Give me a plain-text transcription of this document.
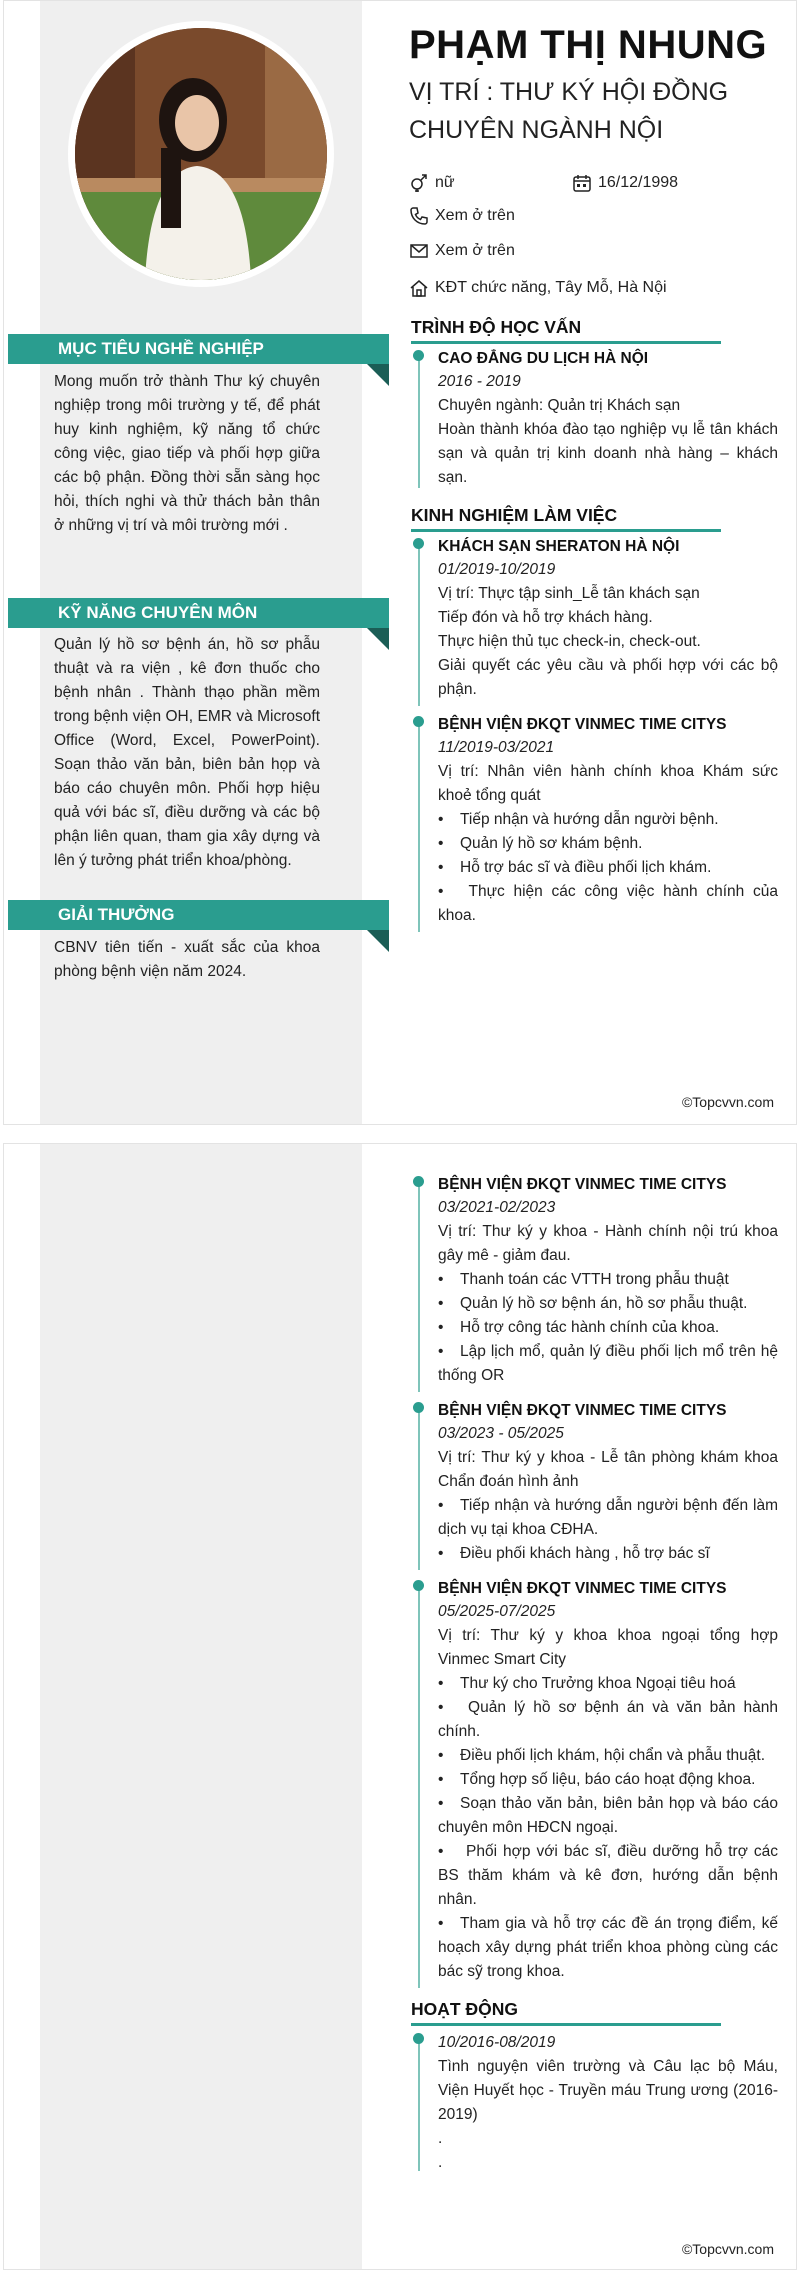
PHẠM THỊ NHUNG
VỊ TRÍ : THƯ KÝ HỘI ĐỒNG CHUYÊN NGÀNH NỘI
nữ	16/12/1998
Xem ở trên
Xem ở trên
KĐT chức năng, Tây Mỗ, Hà Nội
MỤC TIÊU NGHỀ NGHIỆP
Mong muốn trở thành Thư ký chuyên nghiệp trong môi trường y tế, để phát huy kinh nghiệm, kỹ năng tổ chức công việc, giao tiếp và phối hợp giữa các bộ phận. Đồng thời sẵn sàng học hỏi, thích nghi và thử thách bản thân ở những vị trí và môi trường mới .
KỸ NĂNG CHUYÊN MÔN
Quản lý hồ sơ bệnh án, hồ sơ phẫu thuật và ra viện , kê đơn thuốc cho bệnh nhân . Thành thạo phần mềm trong bệnh viện OH, EMR và Microsoft Office (Word, Excel, PowerPoint). Soạn thảo văn bản, biên bản họp và báo cáo chuyên môn. Phối hợp hiệu quả với bác sĩ, điều dưỡng và các bộ phận liên quan, tham gia xây dựng và lên ý tưởng phát triển khoa/phòng.
GIẢI THƯỞNG
CBNV tiên tiến - xuất sắc của khoa phòng bệnh viện năm 2024.
TRÌNH ĐỘ HỌC VẤN
CAO ĐẲNG DU LỊCH HÀ NỘI
2016 - 2019
Chuyên ngành: Quản trị Khách sạn
Hoàn thành khóa đào tạo nghiệp vụ lễ tân khách sạn và quản trị kinh doanh nhà hàng – khách sạn.
KINH NGHIỆM LÀM VIỆC
KHÁCH SẠN SHERATON HÀ NỘI
01/2019-10/2019
Vị trí: Thực tập sinh_Lễ tân khách sạn
Tiếp đón và hỗ trợ khách hàng.
Thực hiện thủ tục check-in, check-out.
Giải quyết các yêu cầu và phối hợp với các bộ phận.
BỆNH VIỆN ĐKQT VINMEC TIME CITYS
11/2019-03/2021
Vị trí: Nhân viên hành chính khoa Khám sức khoẻ tổng quát
• Tiếp nhận và hướng dẫn người bệnh.
• Quản lý hồ sơ khám bệnh.
• Hỗ trợ bác sĩ và điều phối lịch khám.
• Thực hiện các công việc hành chính của khoa.
©Topcvvn.com
BỆNH VIỆN ĐKQT VINMEC TIME CITYS
03/2021-02/2023
Vị trí: Thư ký y khoa - Hành chính nội trú khoa gây mê - giảm đau.
• Thanh toán các VTTH trong phẫu thuật
• Quản lý hồ sơ bệnh án, hồ sơ phẫu thuật.
• Hỗ trợ công tác hành chính của khoa.
• Lập lịch mổ, quản lý điều phối lịch mổ trên hệ thống OR
BỆNH VIỆN ĐKQT VINMEC TIME CITYS
03/2023 - 05/2025
Vị trí: Thư ký y khoa - Lễ tân phòng khám khoa Chẩn đoán hình ảnh
• Tiếp nhận và hướng dẫn người bệnh đến làm dịch vụ tại khoa CĐHA.
• Điều phối khách hàng , hỗ trợ bác sĩ
BỆNH VIỆN ĐKQT VINMEC TIME CITYS
05/2025-07/2025
Vị trí: Thư ký y khoa khoa ngoại tổng hợp Vinmec Smart City
• Thư ký cho Trưởng khoa Ngoại tiêu hoá
• Quản lý hồ sơ bệnh án và văn bản hành chính.
• Điều phối lịch khám, hội chẩn và phẫu thuật.
• Tổng hợp số liệu, báo cáo hoạt động khoa.
• Soạn thảo văn bản, biên bản họp và báo cáo chuyên môn HĐCN ngoại.
• Phối hợp với bác sĩ, điều dưỡng hỗ trợ các BS thăm khám và kê đơn, hướng dẫn bệnh nhân.
• Tham gia và hỗ trợ các đề án trọng điểm, kế hoạch xây dựng phát triển khoa phòng cùng các bác sỹ trong khoa.
HOẠT ĐỘNG
10/2016-08/2019
Tình nguyện viên trường và Câu lạc bộ Máu, Viện Huyết học - Truyền máu Trung ương (2016-2019)
.
.
©Topcvvn.com
